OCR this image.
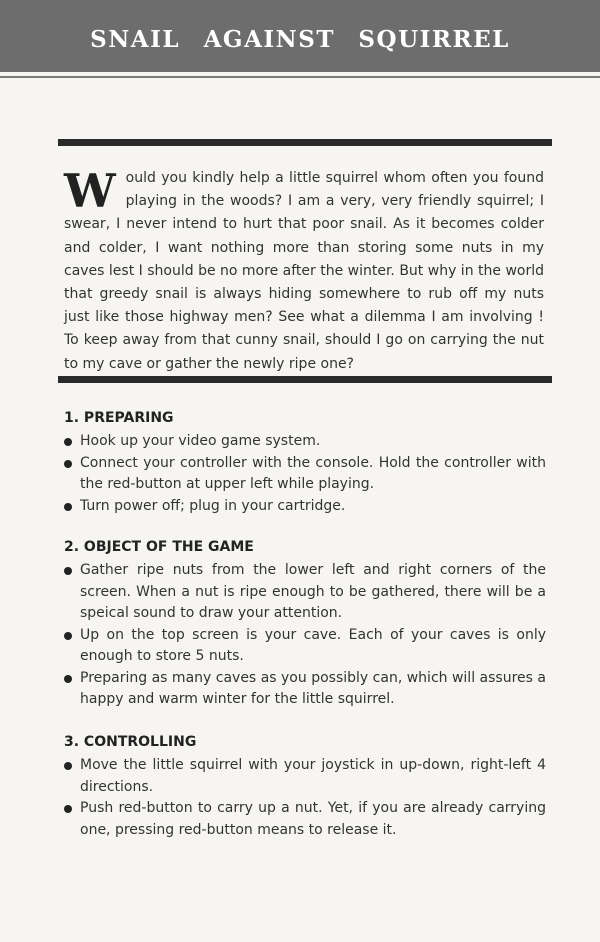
SNAIL AGAINST SQUIRREL
Would you kindly help a little squirrel whom often you found playing in the woods? I am a very, very friendly squirrel; I swear, I never intend to hurt that poor snail. As it becomes colder and colder, I want nothing more than storing some nuts in my caves lest I should be no more after the winter. But why in the world that greedy snail is always hiding somewhere to rub off my nuts just like those highway men? See what a dilemma I am involving ! To keep away from that cunny snail, should I go on carrying the nut to my cave or gather the newly ripe one?
1. PREPARING
Hook up your video game system.
Connect your controller with the console. Hold the controller with the red-button at upper left while playing.
Turn power off; plug in your cartridge.
2. OBJECT OF THE GAME
Gather ripe nuts from the lower left and right corners of the screen. When a nut is ripe enough to be gathered, there will be a speical sound to draw your attention.
Up on the top screen is your cave. Each of your caves is only enough to store 5 nuts.
Preparing as many caves as you possibly can, which will assures a happy and warm winter for the little squirrel.
3. CONTROLLING
Move the little squirrel with your joystick in up-down, right-left 4 directions.
Push red-button to carry up a nut. Yet, if you are already carrying one, pressing red-button means to release it.
